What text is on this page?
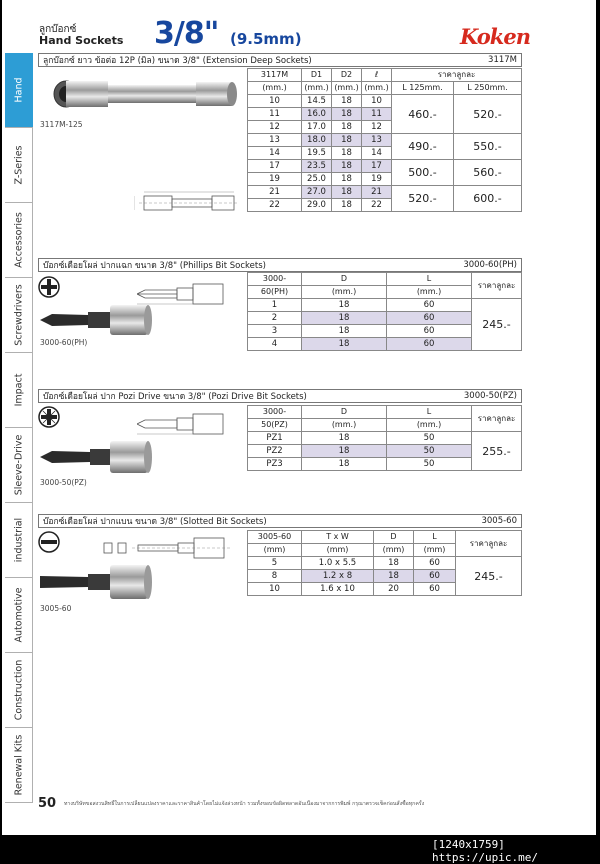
ลูกบ๊อกซ์
Hand Sockets 3/8" (9.5mm)	Koken
Hand
Z-Series
Accessories
Screwdrivers
Impact
Sleeve-Drive
industrial
Automotive
Construction
Renewal Kits
ลูกบ๊อกซ์ ยาว ข้อต่อ 12P (มิล) ขนาด 3/8" (Extension Deep Sockets)	3117M
3117M-125
3117M	D1	D2	ℓ	ราคาลูกละ	
(mm.)	(mm.)	(mm.)	(mm.)	L 125mm.	L 250mm.
10	14.5	18	10	460.-	520.-
11	16.0	18	11		
12	17.0	18	12		
13	18.0	18	13	490.-	550.-
14	19.5	18	14		
17	23.5	18	17	500.-	560.-
19	25.0	18	19		
21	27.0	18	21	520.-	600.-
22	29.0	18	22		
บ๊อกซ์เดือยโผล่ ปากแฉก ขนาด 3/8" (Phillips Bit Sockets)	3000-60(PH)
3000-60(PH)
3000-	D	L	ราคาลูกละ
60(PH)	(mm.)	(mm.)	
1	18	60	245.-
2	18	60	
3	18	60	
4	18	60	
บ๊อกซ์เดือยโผล่ ปาก Pozi Drive ขนาด 3/8" (Pozi Drive Bit Sockets)	3000-50(PZ)
3000-50(PZ)
3000-	D	L	ราคาลูกละ
50(PZ)	(mm.)	(mm.)	
PZ1	18	50	255.-
PZ2	18	50	
PZ3	18	50	
บ๊อกซ์เดือยโผล่ ปากแบน ขนาด 3/8" (Slotted Bit Sockets)	3005-60
3005-60
3005-60	T x W	D	L	ราคาลูกละ
(mm)	(mm)	(mm)	(mm)	
5	1.0 x 5.5	18	60	245.-
8	1.2 x 8	18	60	
10	1.6 x 10	20	60	
50 ทางบริษัทขอสงวนสิทธิ์ในการเปลี่ยนแปลงราคาและราคาสินค้าโดยไม่แจ้งล่วงหน้า รวมทั้งขอบข้อผิดพลาดอันเนื่องมาจากการพิมพ์ กรุณาตรวจเช็คก่อนสั่งซื้อทุกครั้ง
[1240x1759] https://upic.me/
